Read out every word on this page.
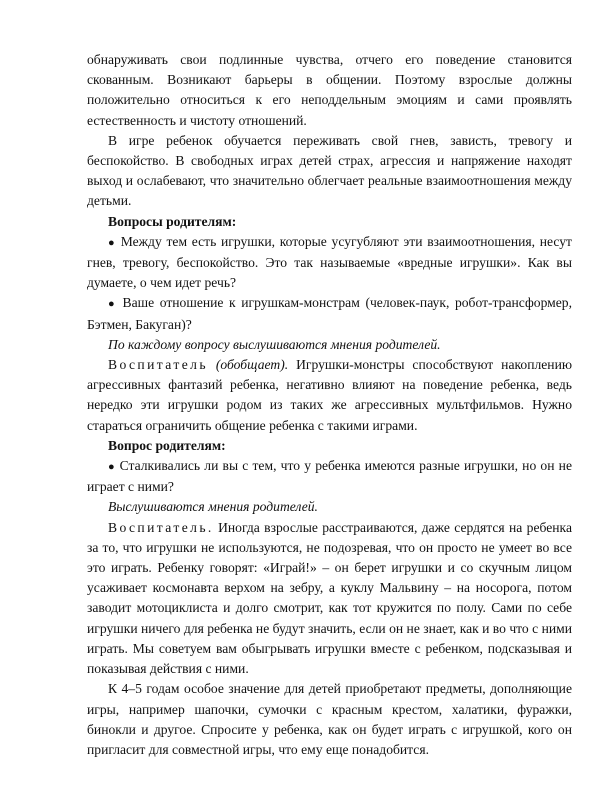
обнаруживать свои подлинные чувства, отчего его поведение становится скованным. Возникают барьеры в общении. Поэтому взрослые должны положительно относиться к его неподдельным эмоциям и сами проявлять естественность и чистоту отношений.

В игре ребенок обучается переживать свой гнев, зависть, тревогу и беспокойство. В свободных играх детей страх, агрессия и напряжение находят выход и ослабевают, что значительно облегчает реальные взаимоотношения между детьми.

Вопросы родителям:

● Между тем есть игрушки, которые усугубляют эти взаимоотношения, несут гнев, тревогу, беспокойство. Это так называемые «вредные игрушки». Как вы думаете, о чем идет речь?

● Ваше отношение к игрушкам-монстрам (человек-паук, робот-трансформер, Бэтмен, Бакуган)?

По каждому вопросу выслушиваются мнения родителей.

Воспитатель (обобщает). Игрушки-монстры способствуют накоплению агрессивных фантазий ребенка, негативно влияют на поведение ребенка, ведь нередко эти игрушки родом из таких же агрессивных мультфильмов. Нужно стараться ограничить общение ребенка с такими играми.

Вопрос родителям:

● Сталкивались ли вы с тем, что у ребенка имеются разные игрушки, но он не играет с ними?

Выслушиваются мнения родителей.

Воспитатель. Иногда взрослые расстраиваются, даже сердятся на ребенка за то, что игрушки не используются, не подозревая, что он просто не умеет во все это играть. Ребенку говорят: «Играй!» – он берет игрушки и со скучным лицом усаживает космонавта верхом на зебру, а куклу Мальвину – на носорога, потом заводит мотоциклиста и долго смотрит, как тот кружится по полу. Сами по себе игрушки ничего для ребенка не будут значить, если он не знает, как и во что с ними играть. Мы советуем вам обыгрывать игрушки вместе с ребенком, подсказывая и показывая действия с ними.

К 4–5 годам особое значение для детей приобретают предметы, дополняющие игры, например шапочки, сумочки с красным крестом, халатики, фуражки, бинокли и другое. Спросите у ребенка, как он будет играть с игрушкой, кого он пригласит для совместной игры, что ему еще понадобится.
